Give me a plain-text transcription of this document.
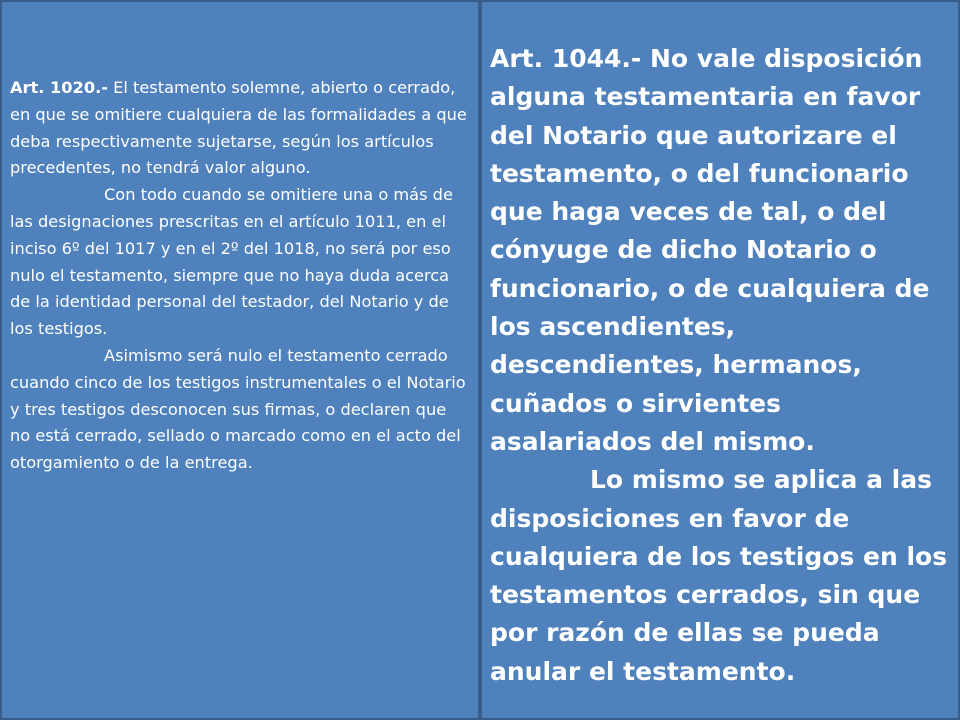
Art. 1020.- El testamento solemne, abierto o cerrado, en que se omitiere cualquiera de las formalidades a que deba respectivamente sujetarse, según los artículos precedentes, no tendrá valor alguno.

Con todo cuando se omitiere una o más de las designaciones prescritas en el artículo 1011, en el inciso 6º del 1017 y en el 2º del 1018, no será por eso nulo el testamento, siempre que no haya duda acerca de la identidad personal del testador, del Notario y de los testigos.

Asimismo será nulo el testamento cerrado cuando cinco de los testigos instrumentales o el Notario y tres testigos desconocen sus firmas, o declaren que no está cerrado, sellado o marcado como en el acto del otorgamiento o de la entrega.

Art. 1044.- No vale disposición alguna testamentaria en favor del Notario que autorizare el testamento, o del funcionario que haga veces de tal, o del cónyuge de dicho Notario o funcionario, o de cualquiera de los ascendientes, descendientes, hermanos, cuñados o sirvientes asalariados del mismo.

Lo mismo se aplica a las disposiciones en favor de cualquiera de los testigos en los testamentos cerrados, sin que por razón de ellas se pueda anular el testamento.
